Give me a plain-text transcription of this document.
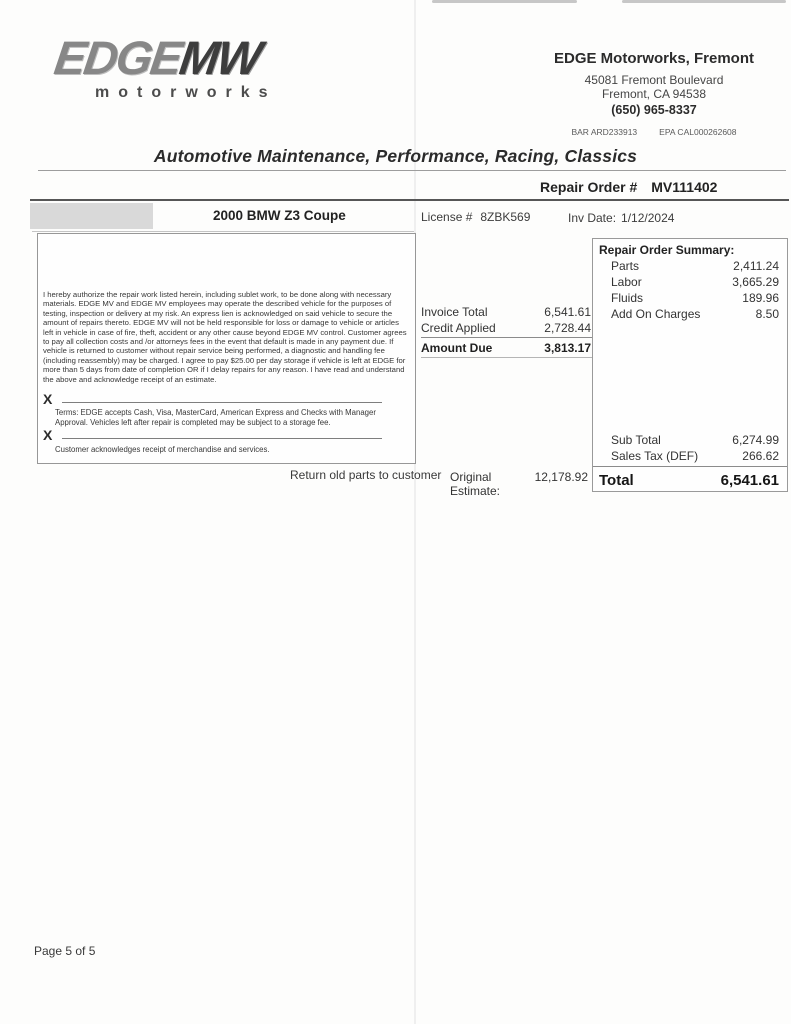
EDGEMW
motorworks
EDGE Motorworks, Fremont
45081 Fremont Boulevard
Fremont, CA 94538
(650) 965-8337
BAR ARD233913	EPA CAL000262608
Automotive Maintenance, Performance, Racing, Classics
Repair Order # MV111402
2000 BMW Z3 Coupe	License # 8ZBK569	Inv Date: 1/12/2024
I hereby authorize the repair work listed herein, including sublet work, to be done along with necessary materials. EDGE MV and EDGE MV employees may operate the described vehicle for the purposes of testing, inspection or delivery at my risk. An express lien is acknowledged on said vehicle to secure the amount of repairs thereto. EDGE MV will not be held responsible for loss or damage to vehicle or articles left in vehicle in case of fire, theft, accident or any other cause beyond EDGE MV control. Customer agrees to pay all collection costs and /or attorneys fees in the event that default is made in any payment due. If vehicle is returned to customer without repair service being performed, a diagnostic and handling fee (including reassembly) may be charged. I agree to pay $25.00 per day storage if vehicle is left at EDGE for more than 5 days from date of completion OR if I delay repairs for any reason. I have read and understand the above and acknowledge receipt of an estimate.
X
Terms: EDGE accepts Cash, Visa, MasterCard, American Express and Checks with Manager Approval. Vehicles left after repair is completed may be subject to a storage fee.
X
Customer acknowledges receipt of merchandise and services.
Invoice Total	6,541.61
Credit Applied	2,728.44
Amount Due	3,813.17
Repair Order Summary:
Parts	2,411.24
Labor	3,665.29
Fluids	189.96
Add On Charges	8.50
Sub Total	6,274.99
Sales Tax (DEF)	266.62
Total	6,541.61
Return old parts to customer Original Estimate:
12,178.92
Page 5 of 5
